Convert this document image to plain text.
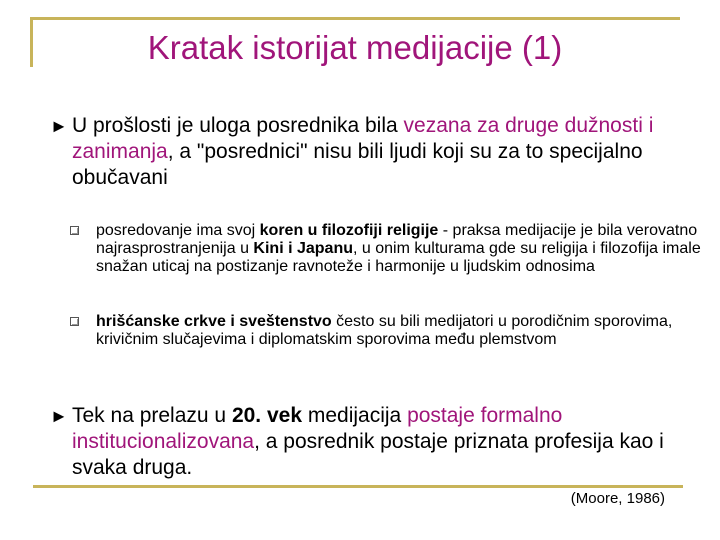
Kratak istorijat medijacije (1)
► U prošlosti je uloga posrednika bila vezana za druge dužnosti i zanimanja, a "posrednici" nisu bili ljudi koji su za to specijalno obučavani
posredovanje ima svoj koren u filozofiji religije - praksa medijacije je bila verovatno najrasprostranjenija u Kini i Japanu, u onim kulturama gde su religija i filozofija imale snažan uticaj na postizanje ravnoteže i harmonije u ljudskim odnosima
hrišćanske crkve i sveštenstvo često su bili medijatori u porodičnim sporovima, krivičnim slučajevima i diplomatskim sporovima među plemstvom
► Tek na prelazu u 20. vek medijacija postaje formalno institucionalizovana, a posrednik postaje priznata profesija kao i svaka druga.
(Moore, 1986)
